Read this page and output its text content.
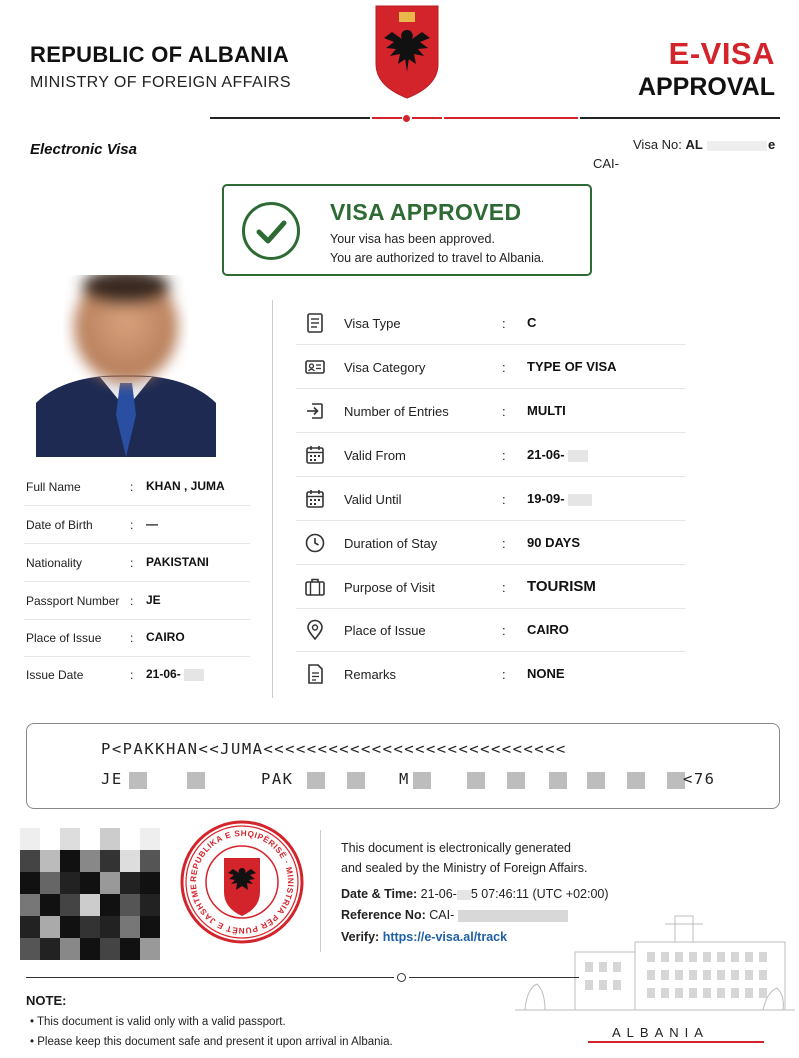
REPUBLIC OF ALBANIA
MINISTRY OF FOREIGN AFFAIRS
E-VISA
APPROVAL
Electronic Visa	Visa No: AL	e
CAI-
VISA APPROVED
Your visa has been approved.
You are authorized to travel to Albania.
Full Name	: KHAN , JUMA
Date of Birth	: —
Nationality	: PAKISTANI
Passport Number : JE
Place of Issue : CAIRO
Issue Date	: 21-06-
Visa Type	: C
Visa Category	: TYPE OF VISA
Number of Entries	: MULTI
Valid From	: 21-06-
Valid Until	: 19-09-
Duration of Stay	: 90 DAYS
Purpose of Visit	: TOURISM
Place of Issue	: CAIRO
Remarks	: NONE
P<PAKKHAN<<JUMA<<<<<<<<<<<<<<<<<<<<<<<<<<<<
JE	PAK	M	<76
REPUBLIKA E SHQIPËRISË · MINISTRIA PËR PUNËT E JASHTME
This document is electronically generated
and sealed by the Ministry of Foreign Affairs.
Date & Time: 21-06- 5 07:46:11 (UTC +02:00)
Reference No: CAI-
Verify: https://e-visa.al/track
ALBANIA
NOTE:
• This document is valid only with a valid passport.
• Please keep this document safe and present it upon arrival in Albania.
